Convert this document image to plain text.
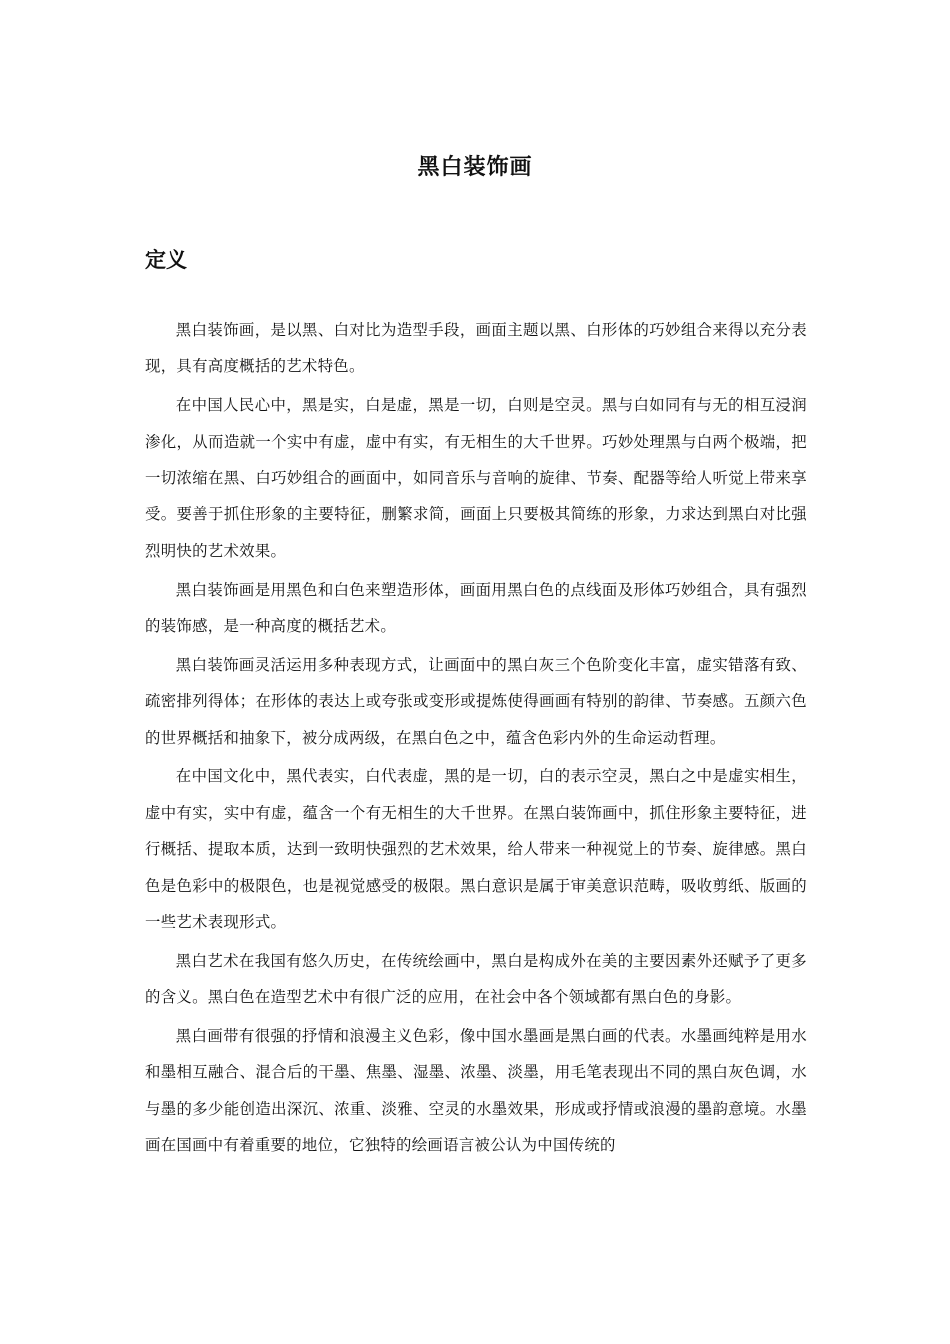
黑白装饰画
定义

黑白装饰画，是以黑、白对比为造型手段，画面主题以黑、白形体的巧妙组合来得以充分表现，具有高度概括的艺术特色。

在中国人民心中，黑是实，白是虚，黑是一切，白则是空灵。黑与白如同有与无的相互浸润渗化，从而造就一个实中有虚，虚中有实，有无相生的大千世界。巧妙处理黑与白两个极端，把一切浓缩在黑、白巧妙组合的画面中，如同音乐与音响的旋律、节奏、配器等给人听觉上带来享受。要善于抓住形象的主要特征，删繁求简，画面上只要极其简练的形象，力求达到黑白对比强烈明快的艺术效果。

黑白装饰画是用黑色和白色来塑造形体，画面用黑白色的点线面及形体巧妙组合，具有强烈的装饰感，是一种高度的概括艺术。

黑白装饰画灵活运用多种表现方式，让画面中的黑白灰三个色阶变化丰富，虚实错落有致、疏密排列得体；在形体的表达上或夸张或变形或提炼使得画画有特别的韵律、节奏感。五颜六色的世界概括和抽象下，被分成两级，在黑白色之中，蕴含色彩内外的生命运动哲理。

在中国文化中，黑代表实，白代表虚，黑的是一切，白的表示空灵，黑白之中是虚实相生，虚中有实，实中有虚，蕴含一个有无相生的大千世界。在黑白装饰画中，抓住形象主要特征，进行概括、提取本质，达到一致明快强烈的艺术效果，给人带来一种视觉上的节奏、旋律感。黑白色是色彩中的极限色，也是视觉感受的极限。黑白意识是属于审美意识范畴，吸收剪纸、版画的一些艺术表现形式。

黑白艺术在我国有悠久历史，在传统绘画中，黑白是构成外在美的主要因素外还赋予了更多的含义。黑白色在造型艺术中有很广泛的应用，在社会中各个领域都有黑白色的身影。

黑白画带有很强的抒情和浪漫主义色彩，像中国水墨画是黑白画的代表。水墨画纯粹是用水和墨相互融合、混合后的干墨、焦墨、湿墨、浓墨、淡墨，用毛笔表现出不同的黑白灰色调，水与墨的多少能创造出深沉、浓重、淡雅、空灵的水墨效果，形成或抒情或浪漫的墨韵意境。水墨画在国画中有着重要的地位，它独特的绘画语言被公认为中国传统的
